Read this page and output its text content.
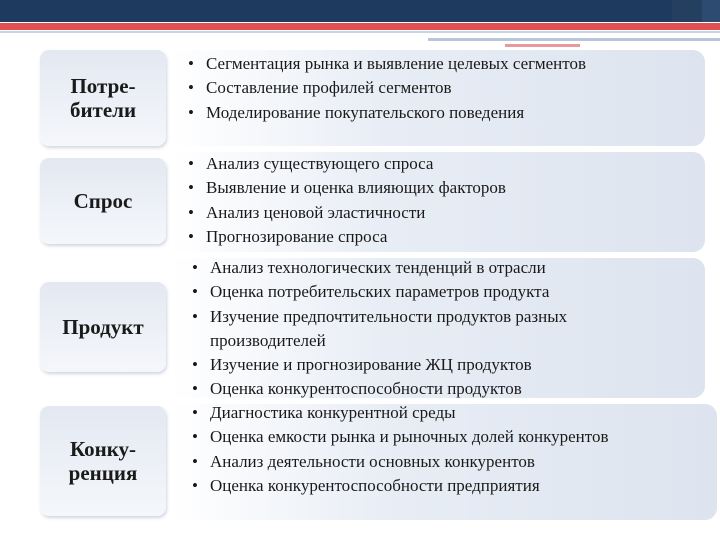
Потре-
бители
Спрос
Продукт
Конку-
ренция
• Сегментация рынка и выявление целевых сегментов
• Составление профилей сегментов
• Моделирование покупательского поведения
• Анализ существующего спроса
• Выявление и оценка влияющих факторов
• Анализ ценовой эластичности
• Прогнозирование спроса
• Анализ технологических тенденций в отрасли
• Оценка потребительских параметров продукта
• Изучение предпочтительности продуктов разных производителей
• Изучение и прогнозирование ЖЦ продуктов
• Оценка конкурентоспособности продуктов
• Диагностика конкурентной среды
• Оценка емкости рынка и рыночных долей конкурентов
• Анализ деятельности основных конкурентов
• Оценка конкурентоспособности предприятия
